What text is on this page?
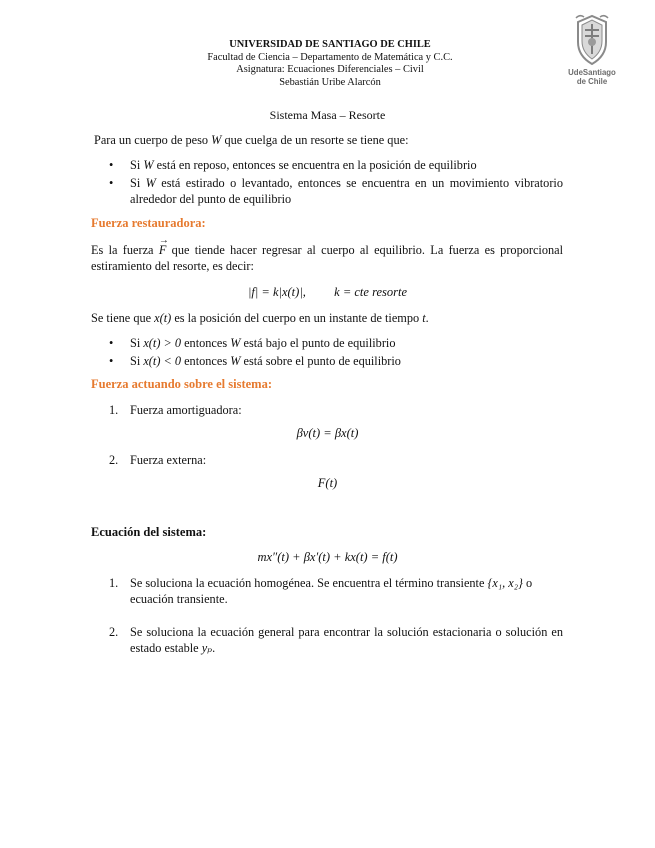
UNIVERSIDAD DE SANTIAGO DE CHILE
Facultad de Ciencia – Departamento de Matemática y C.C.
Asignatura: Ecuaciones Diferenciales – Civil
Sebastián Uribe Alarcón
UdeSantiago
de Chile
Sistema Masa – Resorte
Para un cuerpo de peso W que cuelga de un resorte se tiene que:
• Si W está en reposo, entonces se encuentra en la posición de equilibrio
• Si W está estirado o levantado, entonces se encuentra en un movimiento vibratorio alrededor del punto de equilibrio
Fuerza restauradora:
Es la fuerza
→
F que tiende hacer regresar al cuerpo al equilibrio. La fuerza es proporcional estiramiento del resorte, es decir:
|f| = k|x(t)|, k = cte resorte
Se tiene que x(t) es la posición del cuerpo en un instante de tiempo t.
• Si x(t) > 0 entonces W está bajo el punto de equilibrio
• Si x(t) < 0 entonces W está sobre el punto de equilibrio
Fuerza actuando sobre el sistema:
1. Fuerza amortiguadora:
βv(t) = βx(t)
2. Fuerza externa:
F(t)
Ecuación del sistema:
mx″(t) + βx′(t) + kx(t) = f(t)
1. Se soluciona la ecuación homogénea. Se encuentra el término transiente {x₁, x₂} o ecuación transiente.
2. Se soluciona la ecuación general para encontrar la solución estacionaria o solución en estado estable yₚ.
